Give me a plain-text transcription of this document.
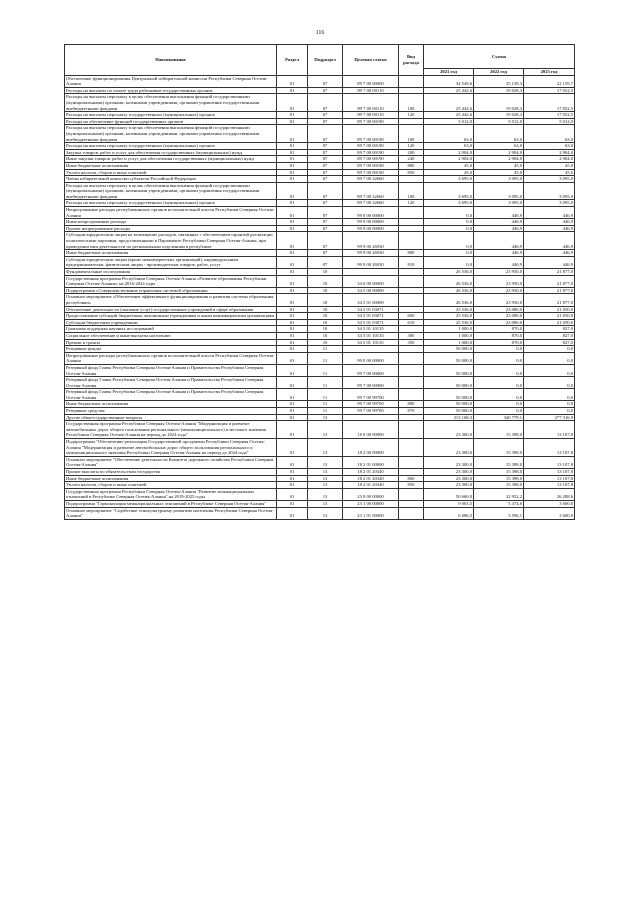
116
Наименование	Раздел	Подраздел	Целевая статья	Вид расхода	Сумма		
					2021 год	2022 год	2023 год
Обеспечение функционирования Центральной избирательной комиссии Республики Северная Осетия-Алания	01	07	89 7 00 00000		34 549,6	25 158,3	22 159,7
Расходы на выплаты по оплате труда работников государственных органов	01	07	89 7 00 00110		25 442,6	19 028,3	17 052,5
Расходы на выплаты персоналу в целях обеспечения выполнения функций государственными (муниципальными) органами, казенными учреждениями, органами управления государственными внебюджетными фондами	01	07	89 7 00 00110	100	25 442,6	19 028,3	17 052,5
Расходы на выплаты персоналу государственных (муниципальных) органов	01	07	89 7 00 00110	120	25 442,6	19 028,3	17 052,5
Расходы на обеспечение функций государственных органов	01	07	89 7 00 00190		5 012,0	5 012,0	5 012,0
Расходы на выплаты персоналу в целях обеспечения выполнения функций государственными (муниципальными) органами, казенными учреждениями, органами управления государственными внебюджетными фондами	01	07	89 7 00 00190	100	63,0	63,0	63,0
Расходы на выплаты персоналу государственных (муниципальных) органов	01	07	89 7 00 00190	120	63,0	63,0	63,0
Закупка товаров, работ и услуг для обеспечения государственных (муниципальных) нужд	01	07	89 7 00 00190	200	2 904,0	2 904,0	2 904,0
Иные закупки товаров, работ и услуг для обеспечения государственных (муниципальных) нужд	01	07	89 7 00 00190	240	2 904,0	2 904,0	2 904,0
Иные бюджетные ассигнования	01	07	89 7 00 00190	800	45,0	45,0	45,0
Уплата налогов, сборов и иных платежей	01	07	89 7 00 00190	850	45,0	45,0	45,0
Члены избирательной комиссии субъектов Российской Федерации	01	07	89 7 00 32660		3 695,0	3 095,0	3 095,0
Расходы на выплаты персоналу в целях обеспечения выполнения функций государственными (муниципальными) органами, казенными учреждениями, органами управления государственными внебюджетными фондами	01	07	89 7 00 32660	100	3 695,0	3 095,0	3 095,0
Расходы на выплаты персоналу государственных (муниципальных) органов	01	07	89 7 00 32660	120	3 695,0	3 095,0	3 095,0
Непрограммные расходы республиканских органов исполнительной власти Республики Северная Осетия-Алания	01	07	99 0 00 00000		0,0	446,9	446,9
Иные непрограммные расходы	01	07	99 9 00 00000		0,0	446,9	446,9
Прочие непрограммные расходы	01	07	99 9 00 00000		0,0	446,9	446,9
Субсидии юридическим лицам на возмещение расходов, связанных с обеспечением гарантий реализации политическими партиями, представленными в Парламенте Республики Северная Осетия-Алания, при проведении ими деятельности по региональным отделениям в республике	01	07	99 9 00 26930		0,0	446,9	446,9
Иные бюджетные ассигнования	01	07	99 9 00 26930	800	0,0	446,9	446,9
Субсидии юридическим лицам (кроме некоммерческих организаций), индивидуальным предпринимателям, физическим лицам - производителям товаров, работ, услуг	01	07	99 9 00 26930	810	0,0	446,9	446,9
Фундаментальные исследования	01	10			26 536,0	23 950,0	21 877,0
Государственная программа Республики Северная Осетия-Алания «Развитие образования Республики Северная Осетия-Алания» на 2016-2024 годы	01	10	34 0 00 00000		26 536,0	23 950,0	21 877,0
Подпрограмма «Совершенствование управления системой образования»	01	10	34 5 00 00000		26 536,0	23 950,0	21 877,0
Основное мероприятие «Обеспечение эффективного функционирования и развития системы образования республики»	01	10	34 5 01 00000		26 536,0	23 950,0	21 877,0
Обеспечение деятельности (оказание услуг) государственных учреждений в сфере образования	01	10	34 5 01 03071		25 536,0	23 080,0	21 050,0
Предоставление субсидий бюджетным, автономным учреждениям и иным некоммерческим организациям	01	10	34 5 01 03071	600	25 536,0	23 080,0	21 050,0
Субсидии бюджетным учреждениям	01	10	34 5 01 03071	610	25 536,0	23 080,0	21 050,0
Грантовая поддержка научных исследований	01	10	34 5 01 10135		1 000,0	870,0	827,0
Социальное обеспечение и иные выплаты населению	01	10	34 5 01 10135	300	1 000,0	870,0	827,0
Премии и гранты	01	10	34 5 01 10135	350	1 000,0	870,0	827,0
Резервные фонды	01	11			50 000,0	0,0	0,0
Непрограммные расходы республиканских органов исполнительной власти Республики Северная Осетия-Алания	01	11	99 0 00 00000		50 000,0	0,0	0,0
Резервный фонд Главы Республики Северная Осетия-Алания и Правительства Республики Северная Осетия-Алания	01	11	99 7 00 00000		50 000,0	0,0	0,0
Резервный фонд Главы Республики Северная Осетия-Алания и Правительства Республики Северная Осетия-Алания	01	11	99 7 00 00000		50 000,0	0,0	0,0
Резервный фонд Главы Республики Северная Осетия-Алания и Правительства Республики Северная Осетия-Алания	01	11	99 7 00 99700		50 000,0	0,0	0,0
Иные бюджетные ассигнования	01	11	99 7 00 99700	800	50 000,0	0,0	0,0
Резервные средства	01	11	99 7 00 99700	870	50 000,0	0,0	0,0
Другие общегосударственные вопросы	01	13			313 168,3	340 779,1	277 316,0
Государственная программа Республики Северная Осетия-Алания "Модернизация и развитие автомобильных дорог общего пользования регионального (межмуниципального) и местного значения Республики Северная Осетия-Алания на период до 2024 года"	01	13	18 0 00 00000		23 300,0	15 398,0	13 107,8
Подпрограмма "Обеспечение реализации Государственной программы Республики Северная Осетия-Алания "Модернизация и развитие автомобильных дорог общего пользования регионального и межмуниципального значения Республики Северная Осетия-Алания на период до 2024 года"	01	13	18 2 00 00000		23 300,0	15 398,0	13 107,8
Основное мероприятие "Обеспечение деятельности Комитета дорожного хозяйства Республики Северная Осетия-Алания"	01	13	18 2 01 00000		23 300,0	15 398,0	13 107,8
Прочие выплаты по обязательствам государства	01	13	18 2 01 20340		23 300,0	15 398,0	13 107,8
Иные бюджетные ассигнования	01	13	18 2 01 20340	800	23 300,0	15 398,0	13 107,8
Уплата налогов, сборов и иных платежей	01	13	18 2 01 20340	850	23 300,0	15 398,0	13 107,8
Государственная программа Республики Северная Осетия-Алания "Развитие межнациональных отношений в Республике Северная Осетия-Алания" на 2019-2025 годы	01	13	23 0 00 00000		50 660,0	32 952,2	26 288,6
Подпрограмма "Гармонизация межнациональных отношений в Республике Северная Осетия-Алания"	01	13	23 1 00 00000		9 063,5	5 474,6	3 600,0
Основное мероприятие "Содействие этнокультурному развитию населения Республики Северная Осетия-Алания"	01	13	23 1 01 00000		6 686,5	3 596,1	3 600,0
